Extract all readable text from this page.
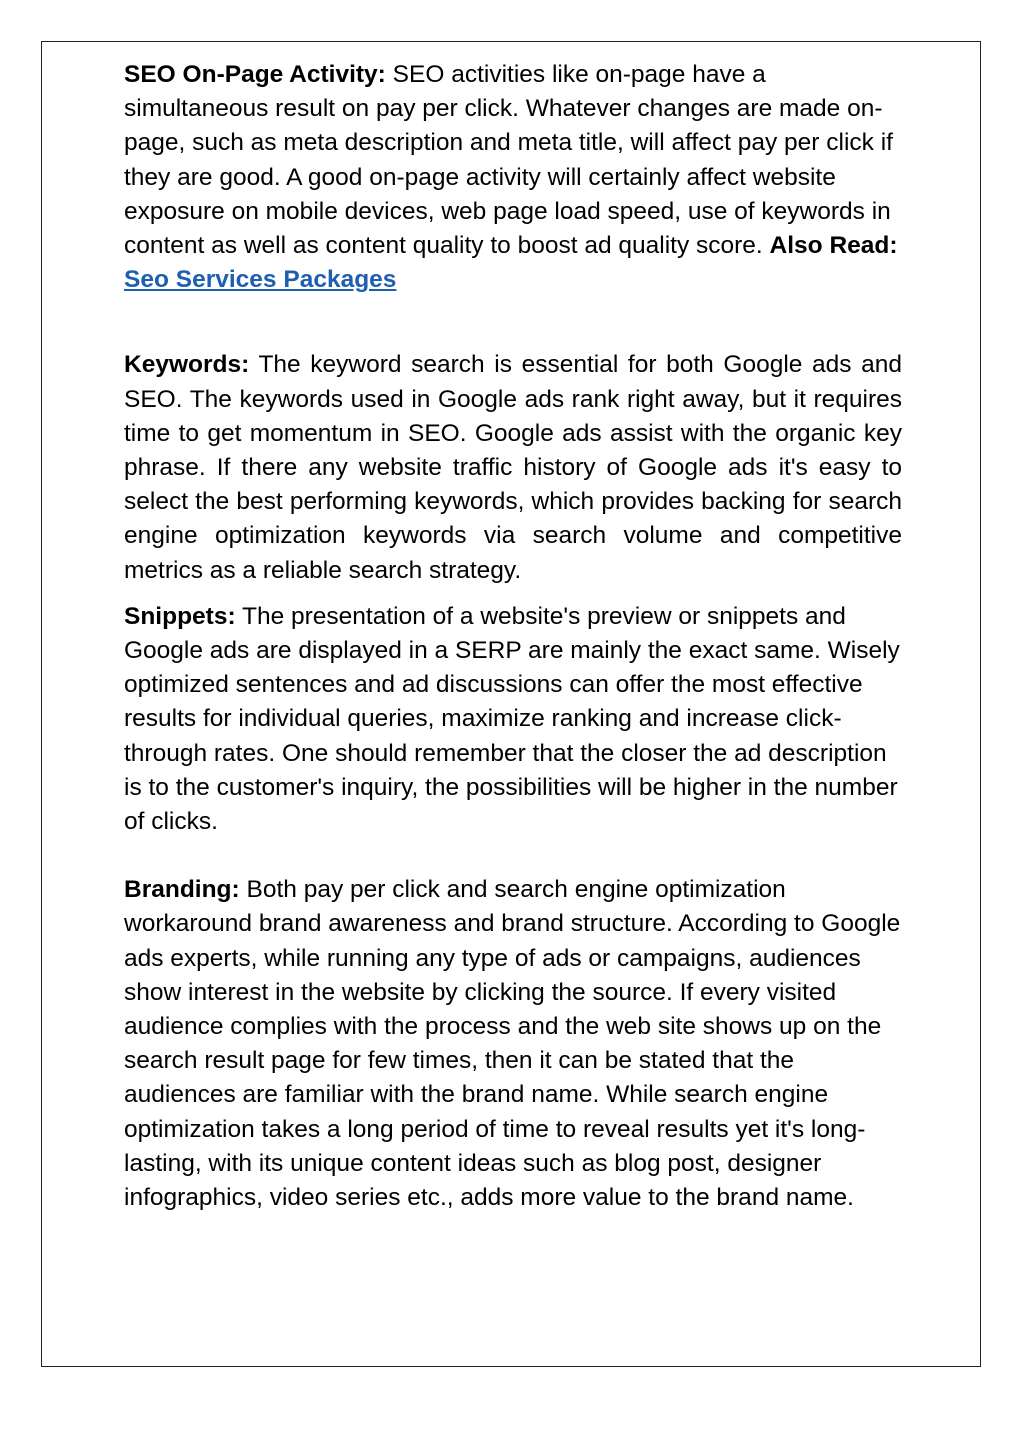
SEO On-Page Activity: SEO activities like on-page have a simultaneous result on pay per click. Whatever changes are made on-page, such as meta description and meta title, will affect pay per click if they are good. A good on-page activity will certainly affect website exposure on mobile devices, web page load speed, use of keywords in content as well as content quality to boost ad quality score. Also Read: Seo Services Packages

Keywords: The keyword search is essential for both Google ads and SEO. The keywords used in Google ads rank right away, but it requires time to get momentum in SEO. Google ads assist with the organic key phrase. If there any website traffic history of Google ads it's easy to select the best performing keywords, which provides backing for search engine optimization keywords via search volume and competitive metrics as a reliable search strategy.

Snippets: The presentation of a website's preview or snippets and Google ads are displayed in a SERP are mainly the exact same. Wisely optimized sentences and ad discussions can offer the most effective results for individual queries, maximize ranking and increase click-through rates. One should remember that the closer the ad description is to the customer's inquiry, the possibilities will be higher in the number of clicks.

Branding: Both pay per click and search engine optimization workaround brand awareness and brand structure. According to Google ads experts, while running any type of ads or campaigns, audiences show interest in the website by clicking the source. If every visited audience complies with the process and the web site shows up on the search result page for few times, then it can be stated that the audiences are familiar with the brand name. While search engine optimization takes a long period of time to reveal results yet it's long-lasting, with its unique content ideas such as blog post, designer infographics, video series etc., adds more value to the brand name.
